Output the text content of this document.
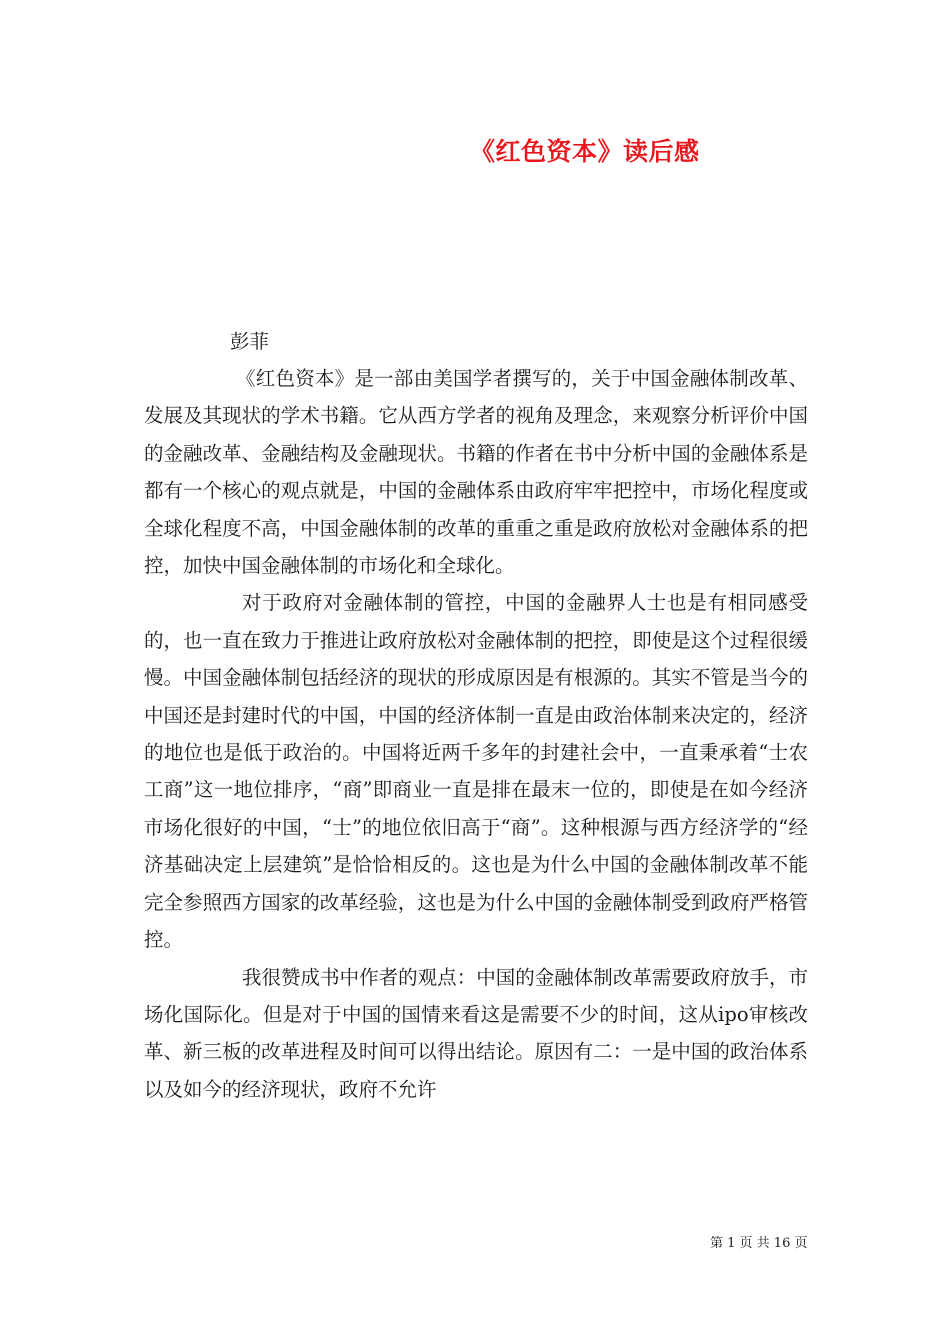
《红色资本》读后感
彭菲

《红色资本》是一部由美国学者撰写的，关于中国金融体制改革、发展及其现状的学术书籍。它从西方学者的视角及理念，来观察分析评价中国的金融改革、金融结构及金融现状。书籍的作者在书中分析中国的金融体系是都有一个核心的观点就是，中国的金融体系由政府牢牢把控中，市场化程度或全球化程度不高，中国金融体制的改革的重重之重是政府放松对金融体系的把控，加快中国金融体制的市场化和全球化。

对于政府对金融体制的管控，中国的金融界人士也是有相同感受的，也一直在致力于推进让政府放松对金融体制的把控，即使是这个过程很缓慢。中国金融体制包括经济的现状的形成原因是有根源的。其实不管是当今的中国还是封建时代的中国，中国的经济体制一直是由政治体制来决定的，经济的地位也是低于政治的。中国将近两千多年的封建社会中，一直秉承着“士农工商”这一地位排序，“商”即商业一直是排在最末一位的，即使是在如今经济市场化很好的中国，“士”的地位依旧高于“商”。这种根源与西方经济学的“经济基础决定上层建筑”是恰恰相反的。这也是为什么中国的金融体制改革不能完全参照西方国家的改革经验，这也是为什么中国的金融体制受到政府严格管控。

我很赞成书中作者的观点：中国的金融体制改革需要政府放手，市场化国际化。但是对于中国的国情来看这是需要不少的时间，这从ipo审核改革、新三板的改革进程及时间可以得出结论。原因有二：一是中国的政治体系以及如今的经济现状，政府不允许

第 1 页 共 16 页
